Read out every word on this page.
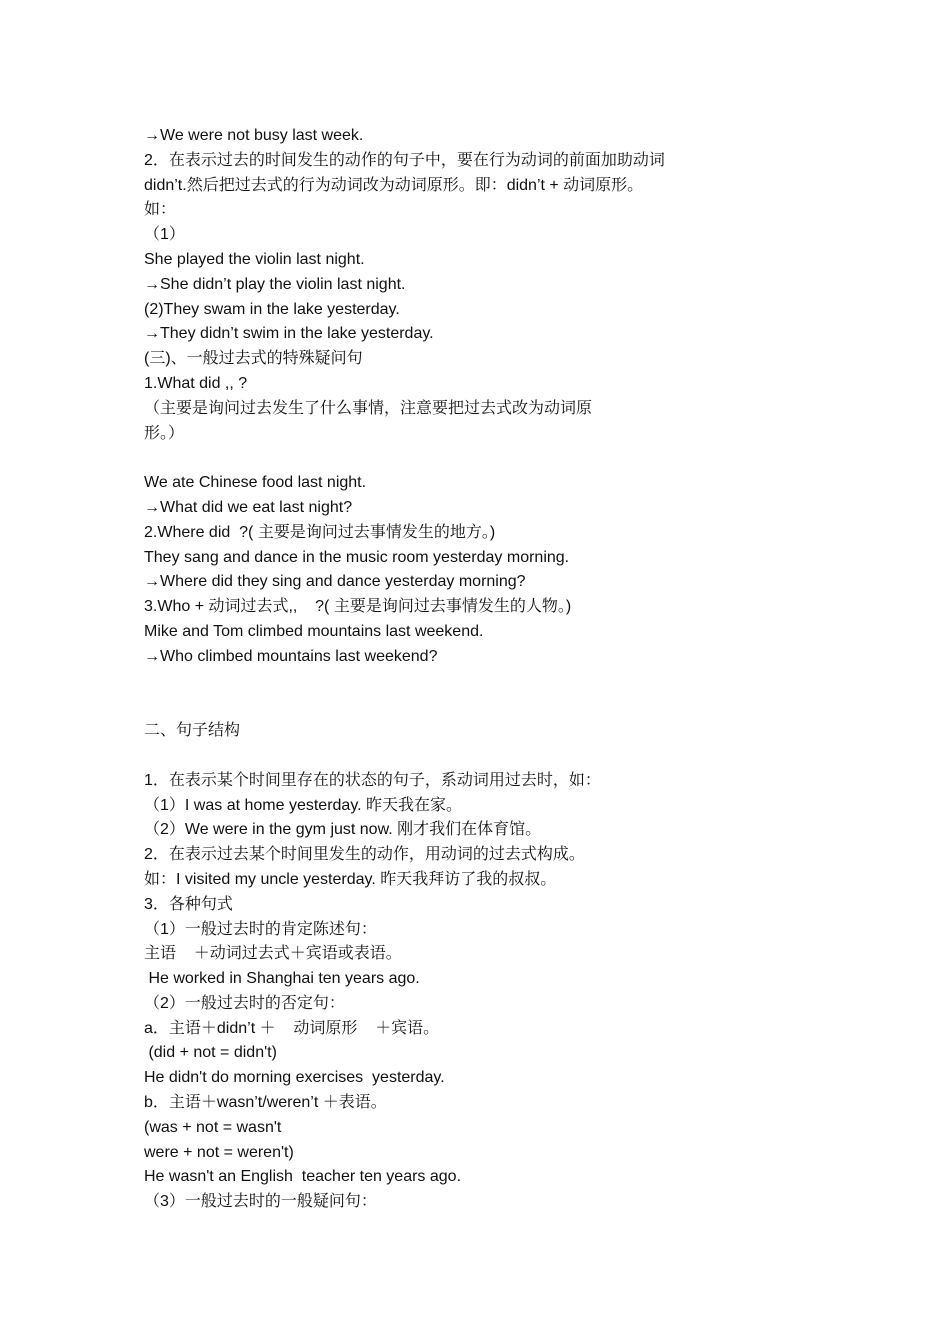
→We were not busy last week.
2．在表示过去的时间发生的动作的句子中，要在行为动词的前面加助动词
didn’t.然后把过去式的行为动词改为动词原形。即：didn’t + 动词原形。
如：
（1）
She played the violin last night.
→She didn’t play the violin last night.
(2)They swam in the lake yesterday.
→They didn’t swim in the lake yesterday.
(三)、一般过去式的特殊疑问句
1.What did ,, ?
（主要是询问过去发生了什么事情，注意要把过去式改为动词原
形。）
We ate Chinese food last night.
→What did we eat last night?
2.Where did  ?( 主要是询问过去事情发生的地方。)
They sang and dance in the music room yesterday morning.
→Where did they sing and dance yesterday morning?
3.Who + 动词过去式,,    ?( 主要是询问过去事情发生的人物。)
Mike and Tom climbed mountains last weekend.
→Who climbed mountains last weekend?
二、句子结构
1．在表示某个时间里存在的状态的句子，系动词用过去时，如：
（1）I was at home yesterday. 昨天我在家。
（2）We were in the gym just now. 刚才我们在体育馆。
2．在表示过去某个时间里发生的动作，用动词的过去式构成。
如：I visited my uncle yesterday. 昨天我拜访了我的叔叔。
3．各种句式
（1）一般过去时的肯定陈述句：
主语    ＋动词过去式＋宾语或表语。
He worked in Shanghai ten years ago.
（2）一般过去时的否定句：
a．主语＋didn’t ＋    动词原形    ＋宾语。
(did + not = didn't)
He didn't do morning exercises  yesterday.
b．主语＋wasn’t/weren’t ＋表语。
(was + not = wasn't
were + not = weren't)
He wasn't an English  teacher ten years ago.
（3）一般过去时的一般疑问句：
